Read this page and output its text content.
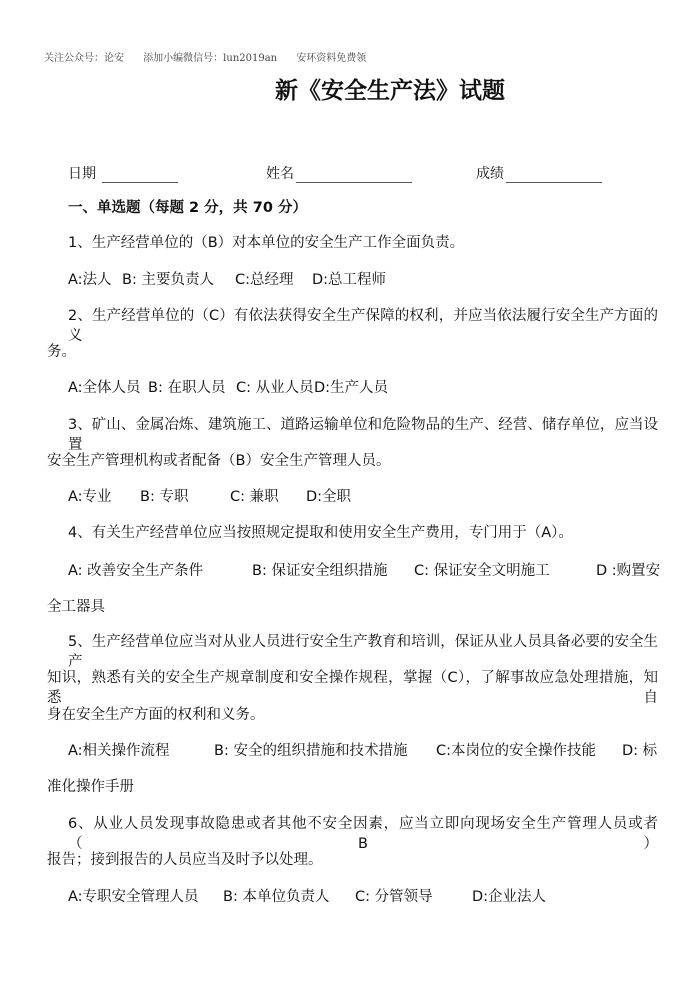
关注公众号：论安 添加小编微信号：lun2019an 安环资料免费领
新《安全生产法》试题
日期	姓名	成绩
一、单选题（每题 2 分，共 70 分）
1、生产经营单位的（B）对本单位的安全生产工作全面负责。
A:法人 B: 主要负责人 C:总经理 D:总工程师
2、生产经营单位的（C）有依法获得安全生产保障的权利，并应当依法履行安全生产方面的义
务。
A:全体人员 B: 在职人员 C: 从业人员 D:生产人员
3、矿山、金属冶炼、建筑施工、道路运输单位和危险物品的生产、经营、储存单位，应当设置
安全生产管理机构或者配备（B）安全生产管理人员。
A:专业 B: 专职	C: 兼职 D:全职
4、有关生产经营单位应当按照规定提取和使用安全生产费用，专门用于（A）。
A: 改善安全生产条件	B: 保证安全组织措施 C: 保证安全文明施工	D :购置安
全工器具
5、生产经营单位应当对从业人员进行安全生产教育和培训，保证从业人员具备必要的安全生产
知识，熟悉有关的安全生产规章制度和安全操作规程，掌握（C），了解事故应急处理措施，知悉自
身在安全生产方面的权利和义务。
A:相关操作流程	B: 安全的组织措施和技术措施 C:本岗位的安全操作技能 D: 标
准化操作手册
6、从业人员发现事故隐患或者其他不安全因素，应当立即向现场安全生产管理人员或者（B）
报告；接到报告的人员应当及时予以处理。
A:专职安全管理人员 B: 本单位负责人 C: 分管领导	D:企业法人
